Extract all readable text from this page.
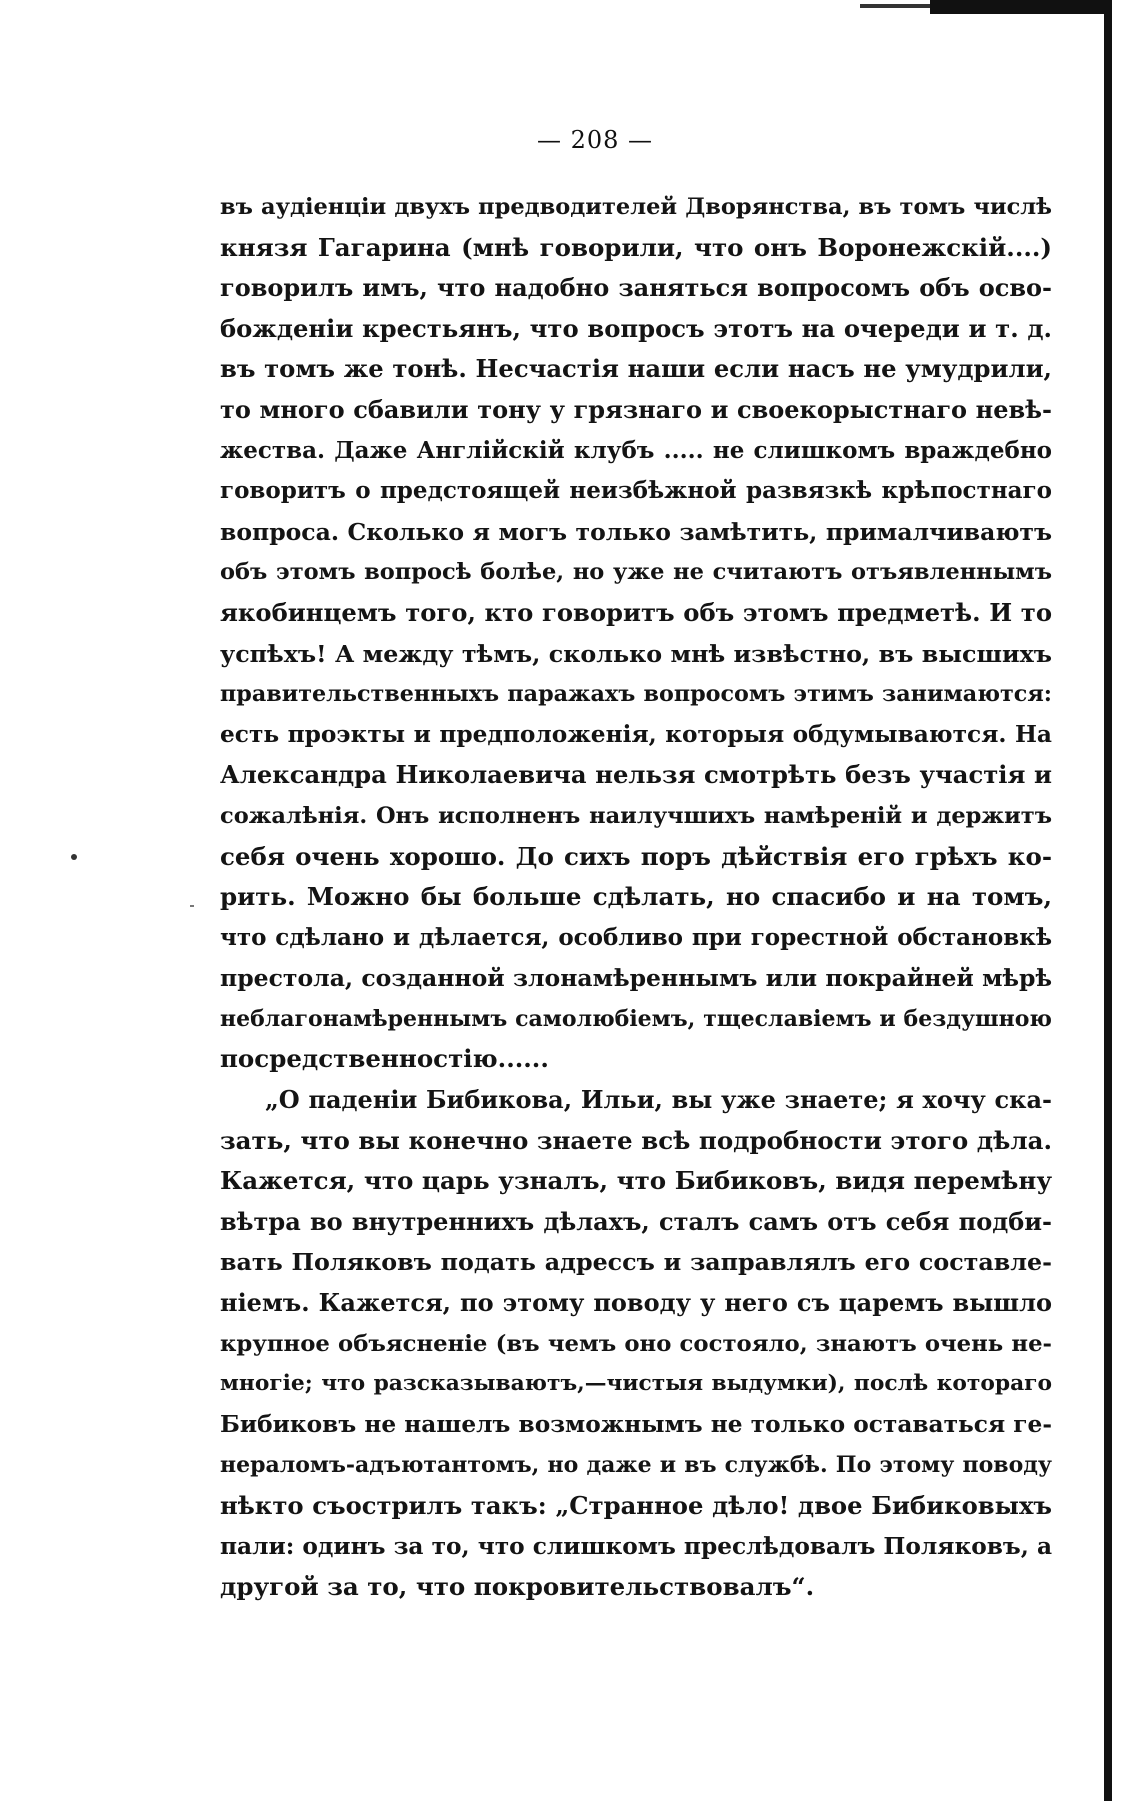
— 208 —
въ аудіенціи двухъ предводителей Дворянства, въ томъ числѣ
князя Гагарина (мнѣ говорили, что онъ Воронежскій....)
говорилъ имъ, что надобно заняться вопросомъ объ осво-
божденіи крестьянъ, что вопросъ этотъ на очереди и т. д.
въ томъ же тонѣ. Несчастія наши если насъ не умудрили,
то много сбавили тону у грязнаго и своекорыстнаго невѣ-
жества. Даже Англійскій клубъ ..... не слишкомъ враждебно
говоритъ о предстоящей неизбѣжной развязкѣ крѣпостнаго
вопроса. Сколько я могъ только замѣтить, прималчиваютъ
объ этомъ вопросѣ болѣе, но уже не считаютъ отъявленнымъ
якобинцемъ того, кто говоритъ объ этомъ предметѣ. И то
успѣхъ! А между тѣмъ, сколько мнѣ извѣстно, въ высшихъ
правительственныхъ паражахъ вопросомъ этимъ занимаются:
есть проэкты и предположенія, которыя обдумываются. На
Александра Николаевича нельзя смотрѣть безъ участія и
сожалѣнія. Онъ исполненъ наилучшихъ намѣреній и держитъ
себя очень хорошо. До сихъ поръ дѣйствія его грѣхъ ко-
рить. Можно бы больше сдѣлать, но спасибо и на томъ,
что сдѣлано и дѣлается, особливо при горестной обстановкѣ
престола, созданной злонамѣреннымъ или покрайней мѣрѣ
неблагонамѣреннымъ самолюбіемъ, тщеславіемъ и бездушною
посредственностію......
„О паденіи Бибикова, Ильи, вы уже знаете; я хочу ска-
зать, что вы конечно знаете всѣ подробности этого дѣла.
Кажется, что царь узналъ, что Бибиковъ, видя перемѣну
вѣтра во внутреннихъ дѣлахъ, сталъ самъ отъ себя подби-
вать Поляковъ подать адрессъ и заправлялъ его составле-
ніемъ. Кажется, по этому поводу у него съ царемъ вышло
крупное объясненіе (въ чемъ оно состояло, знаютъ очень не-
многіе; что разсказываютъ,—чистыя выдумки), послѣ котораго
Бибиковъ не нашелъ возможнымъ не только оставаться ге-
нераломъ-адъютантомъ, но даже и въ службѣ. По этому поводу
нѣкто съострилъ такъ: „Странное дѣло! двое Бибиковыхъ
пали: одинъ за то, что слишкомъ преслѣдовалъ Поляковъ, а
другой за то, что покровительствовалъ“.
